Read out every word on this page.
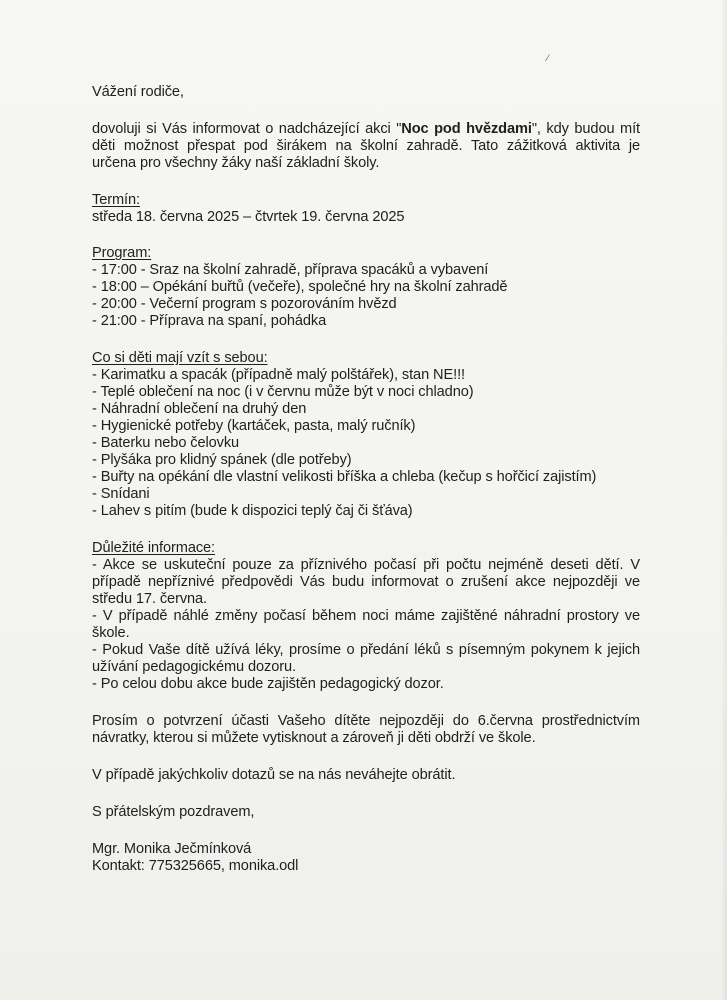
⁄
Vážení rodiče,
dovoluji si Vás informovat o nadcházející akci "Noc pod hvězdami", kdy budou mít
děti možnost přespat pod širákem na školní zahradě. Tato zážitková aktivita je
určena pro všechny žáky naší základní školy.
Termín:
středa 18. června 2025 – čtvrtek 19. června 2025
Program:
- 17:00 - Sraz na školní zahradě, příprava spacáků a vybavení
- 18:00 – Opékání buřtů (večeře), společné hry na školní zahradě
- 20:00 - Večerní program s pozorováním hvězd
- 21:00 - Příprava na spaní, pohádka
Co si děti mají vzít s sebou:
- Karimatku a spacák (případně malý polštářek), stan NE!!!
- Teplé oblečení na noc (i v červnu může být v noci chladno)
- Náhradní oblečení na druhý den
- Hygienické potřeby (kartáček, pasta, malý ručník)
- Baterku nebo čelovku
- Plyšáka pro klidný spánek (dle potřeby)
- Buřty na opékání dle vlastní velikosti bříška a chleba (kečup s hořčicí zajistím)
- Snídani
- Lahev s pitím (bude k dispozici teplý čaj či šťáva)
Důležité informace:
- Akce se uskuteční pouze za příznivého počasí při počtu nejméně deseti dětí. V
případě nepříznivé předpovědi Vás budu informovat o zrušení akce nejpozději ve
středu 17. června.
- V případě náhlé změny počasí během noci máme zajištěné náhradní prostory ve
škole.
- Pokud Vaše dítě užívá léky, prosíme o předání léků s písemným pokynem k jejich
užívání pedagogickému dozoru.
- Po celou dobu akce bude zajištěn pedagogický dozor.
Prosím o potvrzení účasti Vašeho dítěte nejpozději do 6.června prostřednictvím
návratky, kterou si můžete vytisknout a zároveň ji děti obdrží ve škole.
V případě jakýchkoliv dotazů se na nás neváhejte obrátit.
S přátelským pozdravem,
Mgr. Monika Ječmínková
Kontakt: 775325665, monika.odl
